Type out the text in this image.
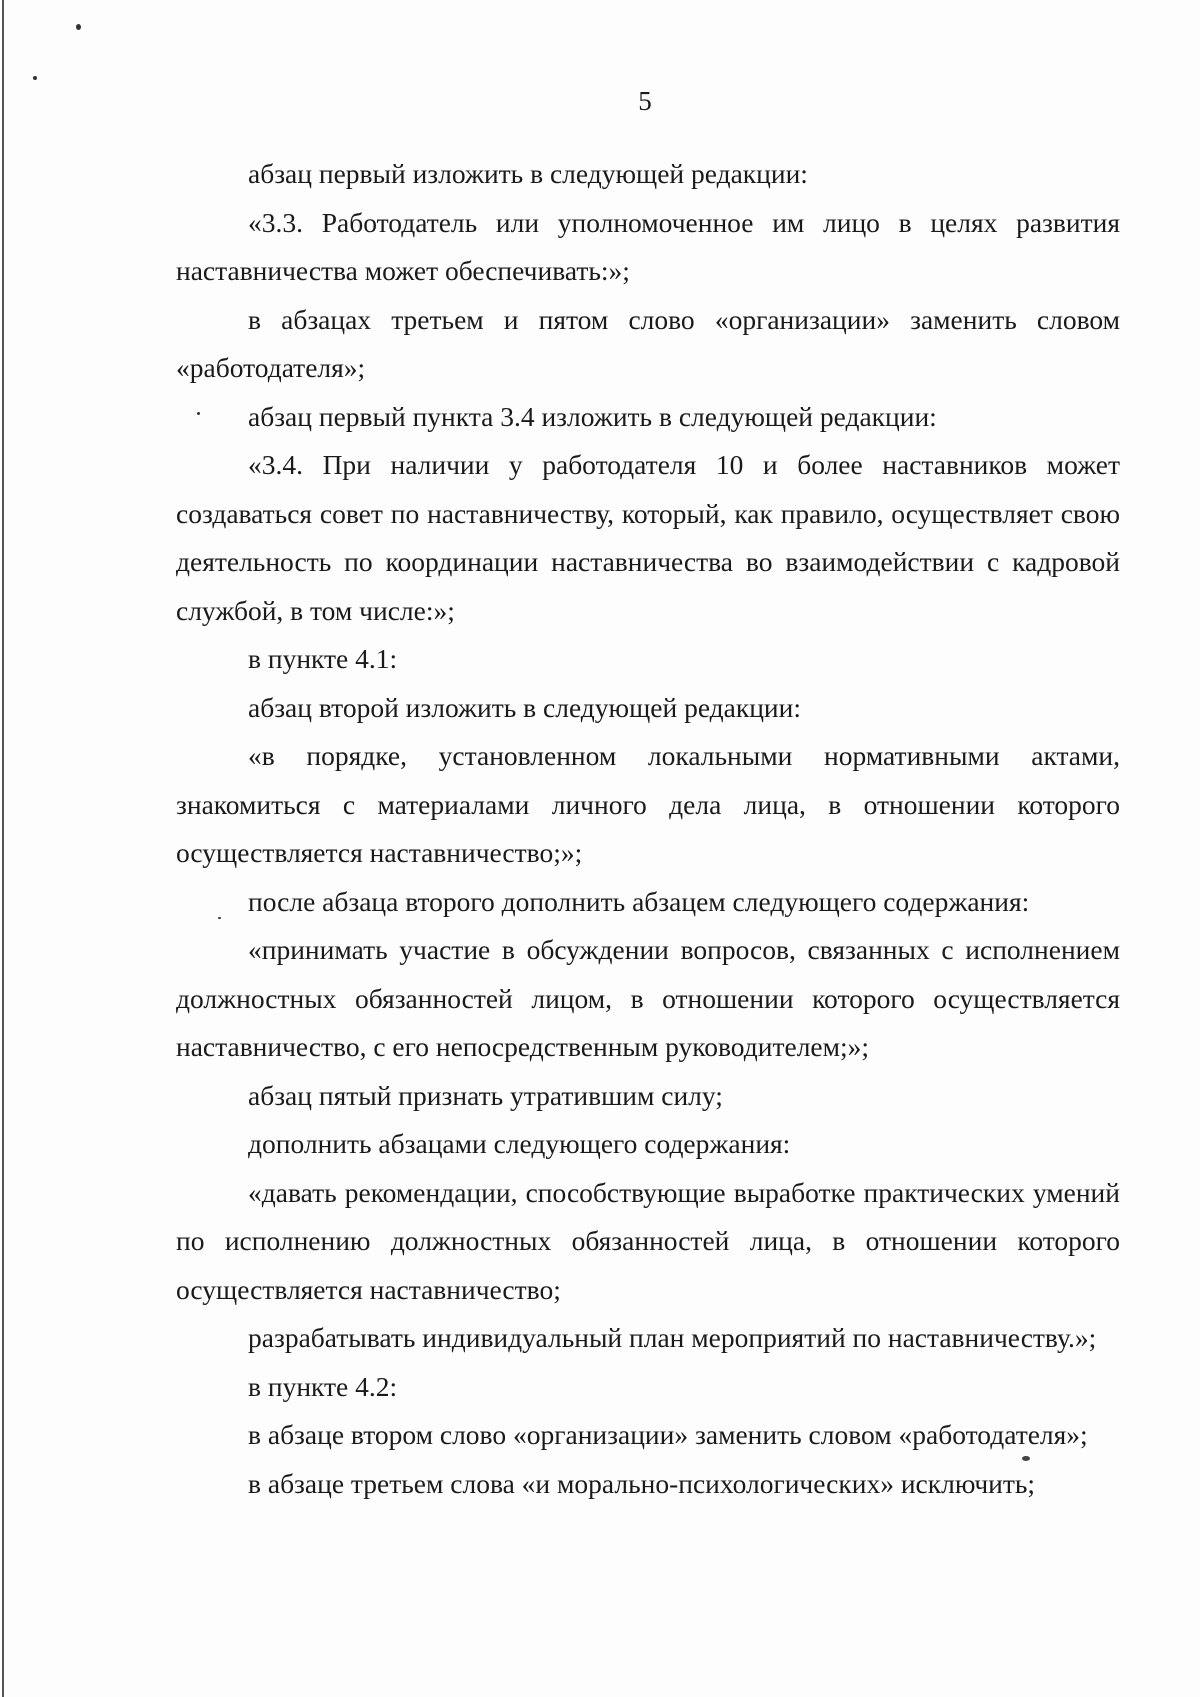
5

абзац первый изложить в следующей редакции:

«3.3. Работодатель или уполномоченное им лицо в целях развития наставничества может обеспечивать:»;

в абзацах третьем и пятом слово «организации» заменить словом «работодателя»;

абзац первый пункта 3.4 изложить в следующей редакции:

«3.4. При наличии у работодателя 10 и более наставников может создаваться совет по наставничеству, который, как правило, осуществляет свою деятельность по координации наставничества во взаимодействии с кадровой службой, в том числе:»;

в пункте 4.1:

абзац второй изложить в следующей редакции:

«в порядке, установленном локальными нормативными актами, знакомиться с материалами личного дела лица, в отношении которого осуществляется наставничество;»;

после абзаца второго дополнить абзацем следующего содержания:

«принимать участие в обсуждении вопросов, связанных с исполнением должностных обязанностей лицом, в отношении которого осуществляется наставничество, с его непосредственным руководителем;»;

абзац пятый признать утратившим силу;

дополнить абзацами следующего содержания:

«давать рекомендации, способствующие выработке практических умений по исполнению должностных обязанностей лица, в отношении которого осуществляется наставничество;

разрабатывать индивидуальный план мероприятий по наставничеству.»;

в пункте 4.2:

в абзаце втором слово «организации» заменить словом «работодателя»;

в абзаце третьем слова «и морально-психологических» исключить;
